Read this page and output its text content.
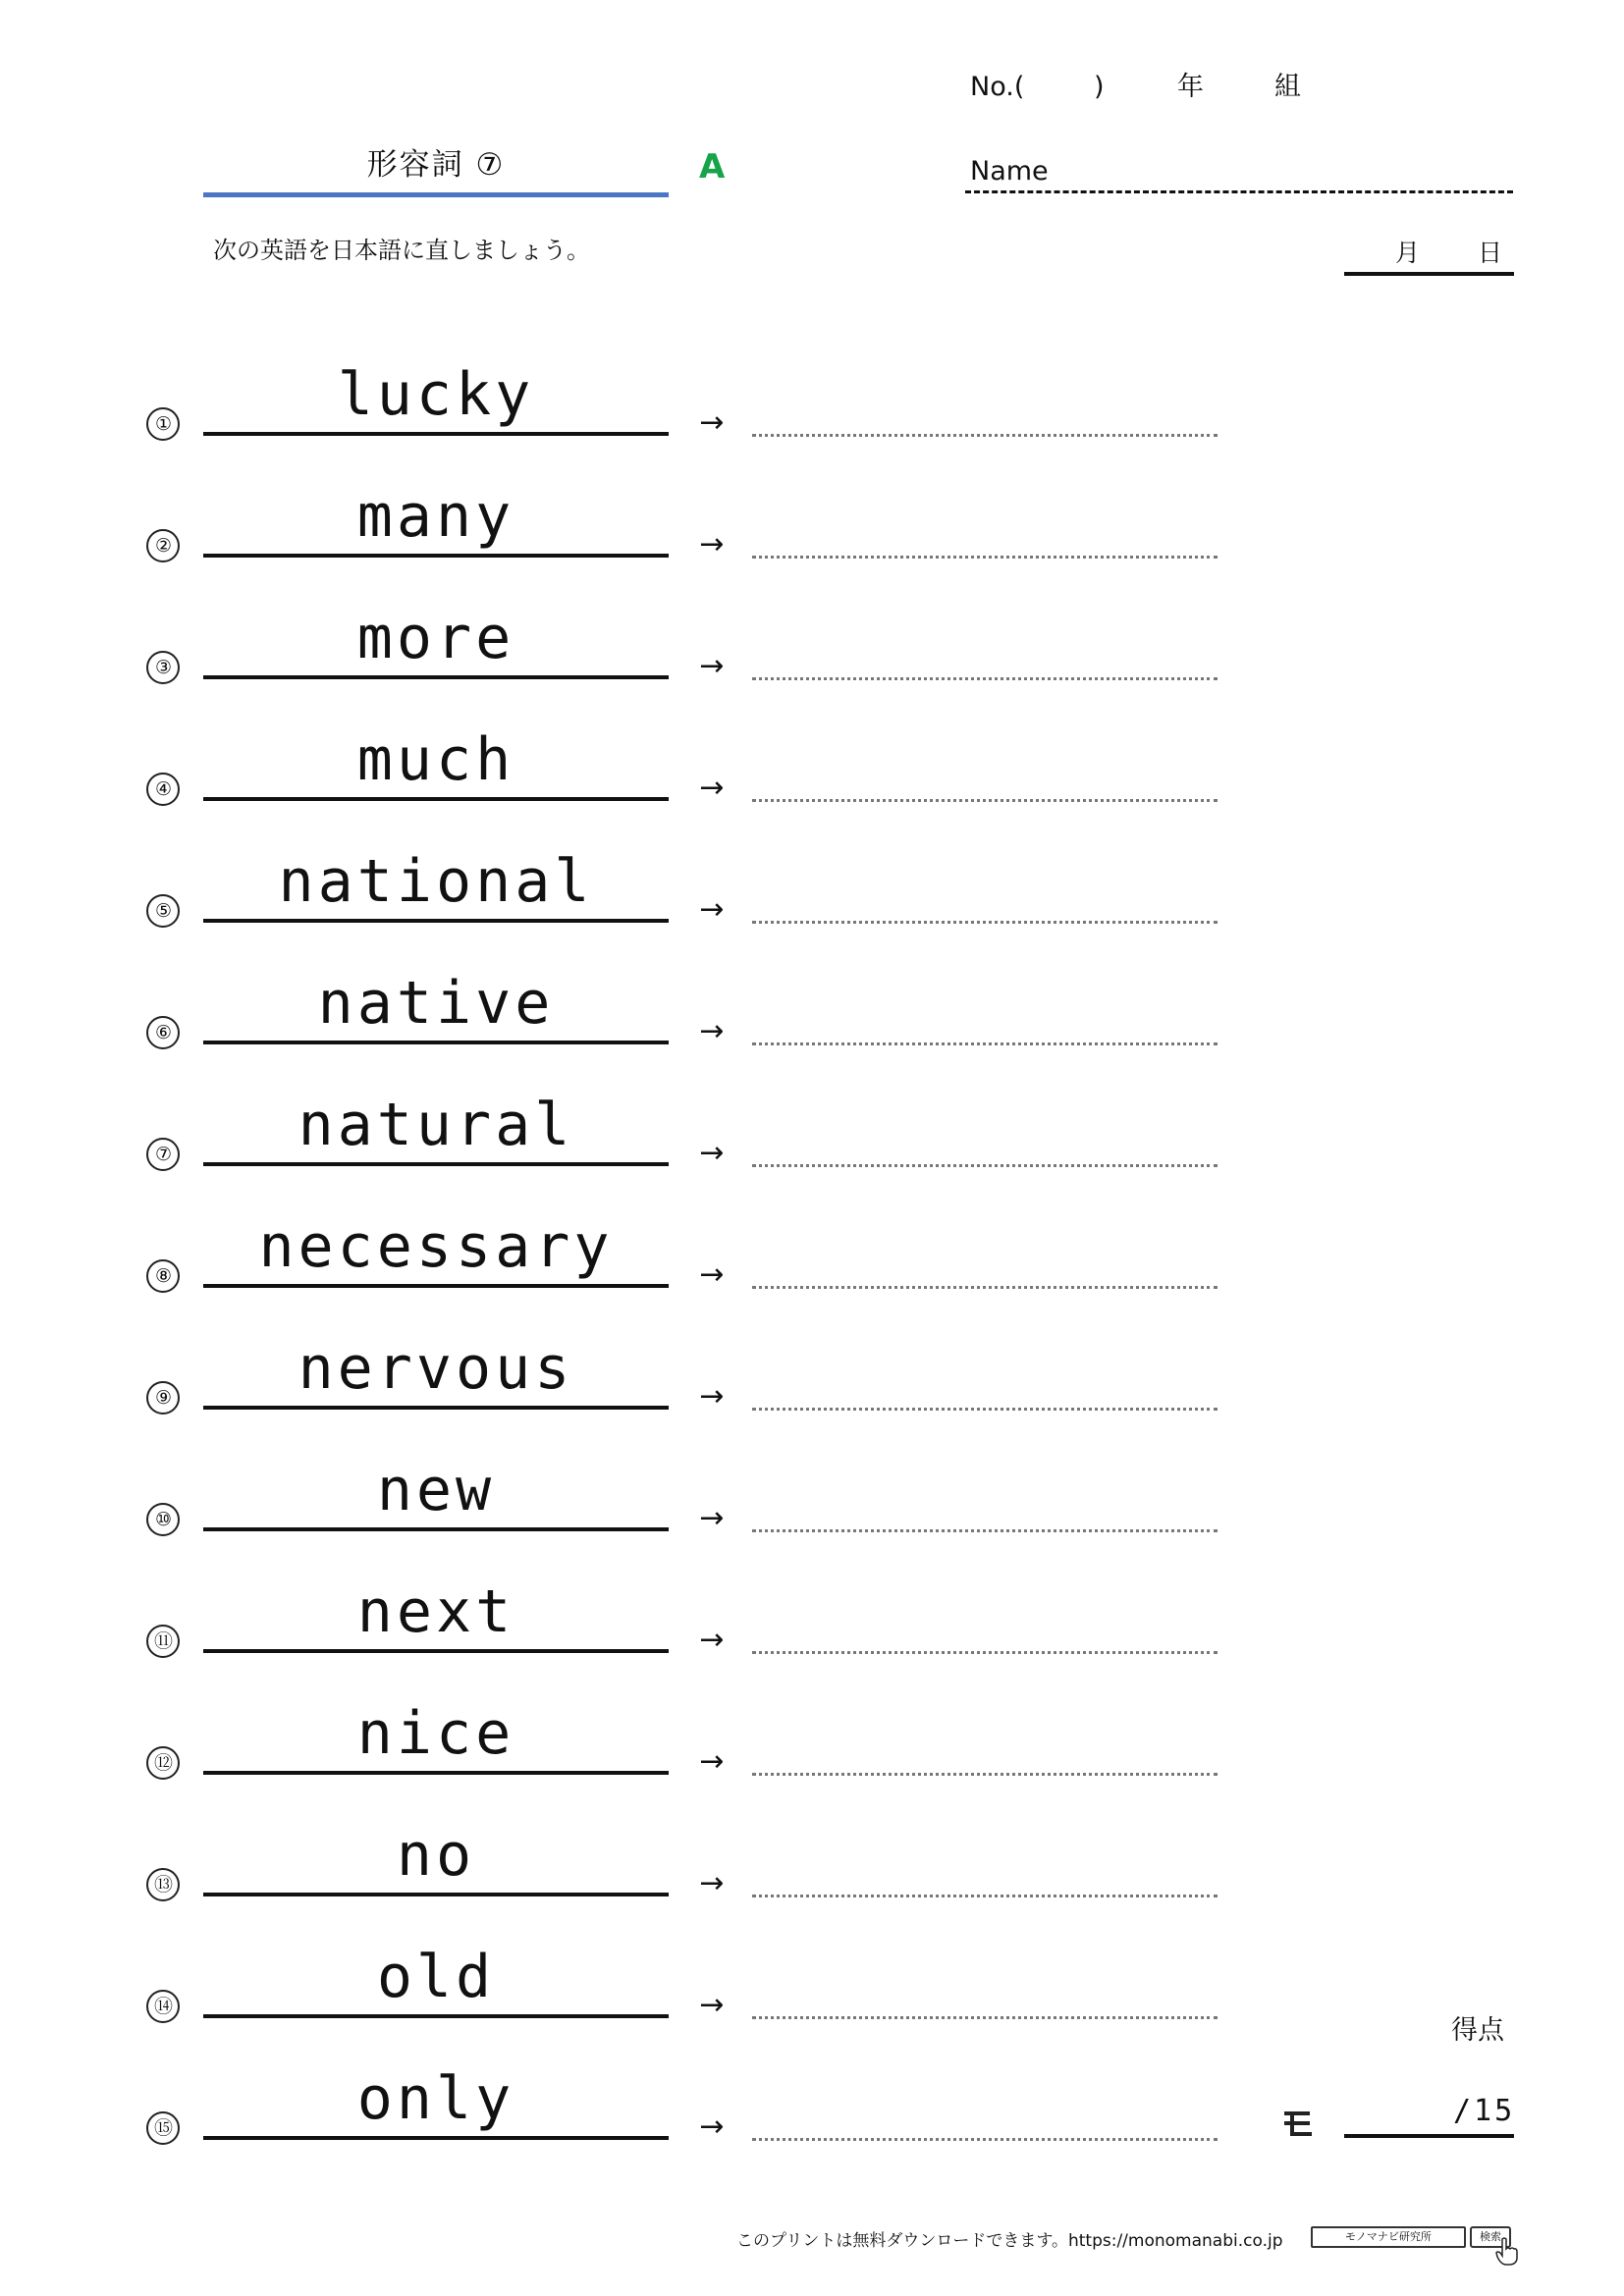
No.(	)	年	組
形容詞 ⑦	A	Name
次の英語を日本語に直しましょう。	月 日
①	lucky	→
②	many	→
③	more	→
④	much	→
⑤	national	→
⑥	native	→
⑦	natural	→
⑧	necessary	→
⑨	nervous	→
⑩	new	→
⑪	next	→
⑫	nice	→
⑬	no	→
⑭	old	→
⑮	only	→
得点
/15
このプリントは無料ダウンロードできます。https://monomanabi.co.jp	モノマナビ研究所	検索
